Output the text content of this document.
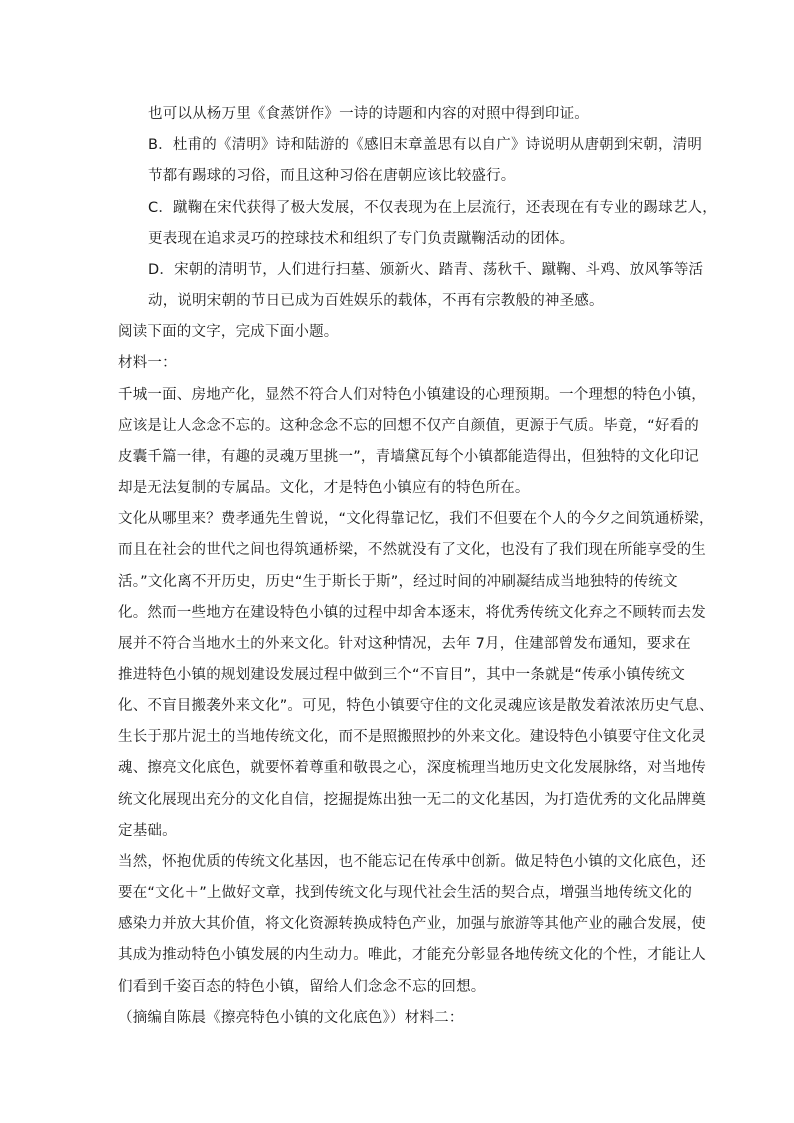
也可以从杨万里《食蒸饼作》一诗的诗题和内容的对照中得到印证。
B．杜甫的《清明》诗和陆游的《感旧末章盖思有以自广》诗说明从唐朝到宋朝，清明
节都有踢球的习俗，而且这种习俗在唐朝应该比较盛行。
C．蹴鞠在宋代获得了极大发展，不仅表现为在上层流行，还表现在有专业的踢球艺人，
更表现在追求灵巧的控球技术和组织了专门负责蹴鞠活动的团体。
D．宋朝的清明节，人们进行扫墓、颁新火、踏青、荡秋千、蹴鞠、斗鸡、放风筝等活
动，说明宋朝的节日已成为百姓娱乐的载体，不再有宗教般的神圣感。
阅读下面的文字，完成下面小题。
材料一：
千城一面、房地产化，显然不符合人们对特色小镇建设的心理预期。一个理想的特色小镇，
应该是让人念念不忘的。这种念念不忘的回想不仅产自颜值，更源于气质。毕竟，“好看的
皮囊千篇一律，有趣的灵魂万里挑一”，青墙黛瓦每个小镇都能造得出，但独特的文化印记
却是无法复制的专属品。文化，才是特色小镇应有的特色所在。
文化从哪里来？费孝通先生曾说，“文化得靠记忆，我们不但要在个人的今夕之间筑通桥梁，
而且在社会的世代之间也得筑通桥梁，不然就没有了文化，也没有了我们现在所能享受的生
活。”文化离不开历史，历史“生于斯长于斯”，经过时间的冲刷凝结成当地独特的传统文
化。然而一些地方在建设特色小镇的过程中却舍本逐末，将优秀传统文化弃之不顾转而去发
展并不符合当地水土的外来文化。针对这种情况，去年 7月，住建部曾发布通知，要求在
推进特色小镇的规划建设发展过程中做到三个“不盲目”，其中一条就是“传承小镇传统文
化、不盲目搬袭外来文化”。可见，特色小镇要守住的文化灵魂应该是散发着浓浓历史气息、
生长于那片泥土的当地传统文化，而不是照搬照抄的外来文化。建设特色小镇要守住文化灵
魂、擦亮文化底色，就要怀着尊重和敬畏之心，深度梳理当地历史文化发展脉络，对当地传
统文化展现出充分的文化自信，挖掘提炼出独一无二的文化基因，为打造优秀的文化品牌奠
定基础。
当然，怀抱优质的传统文化基因，也不能忘记在传承中创新。做足特色小镇的文化底色，还
要在“文化＋”上做好文章，找到传统文化与现代社会生活的契合点，增强当地传统文化的
感染力并放大其价值，将文化资源转换成特色产业，加强与旅游等其他产业的融合发展，使
其成为推动特色小镇发展的内生动力。唯此，才能充分彰显各地传统文化的个性，才能让人
们看到千姿百态的特色小镇，留给人们念念不忘的回想。
（摘编自陈晨《擦亮特色小镇的文化底色》）材料二：
